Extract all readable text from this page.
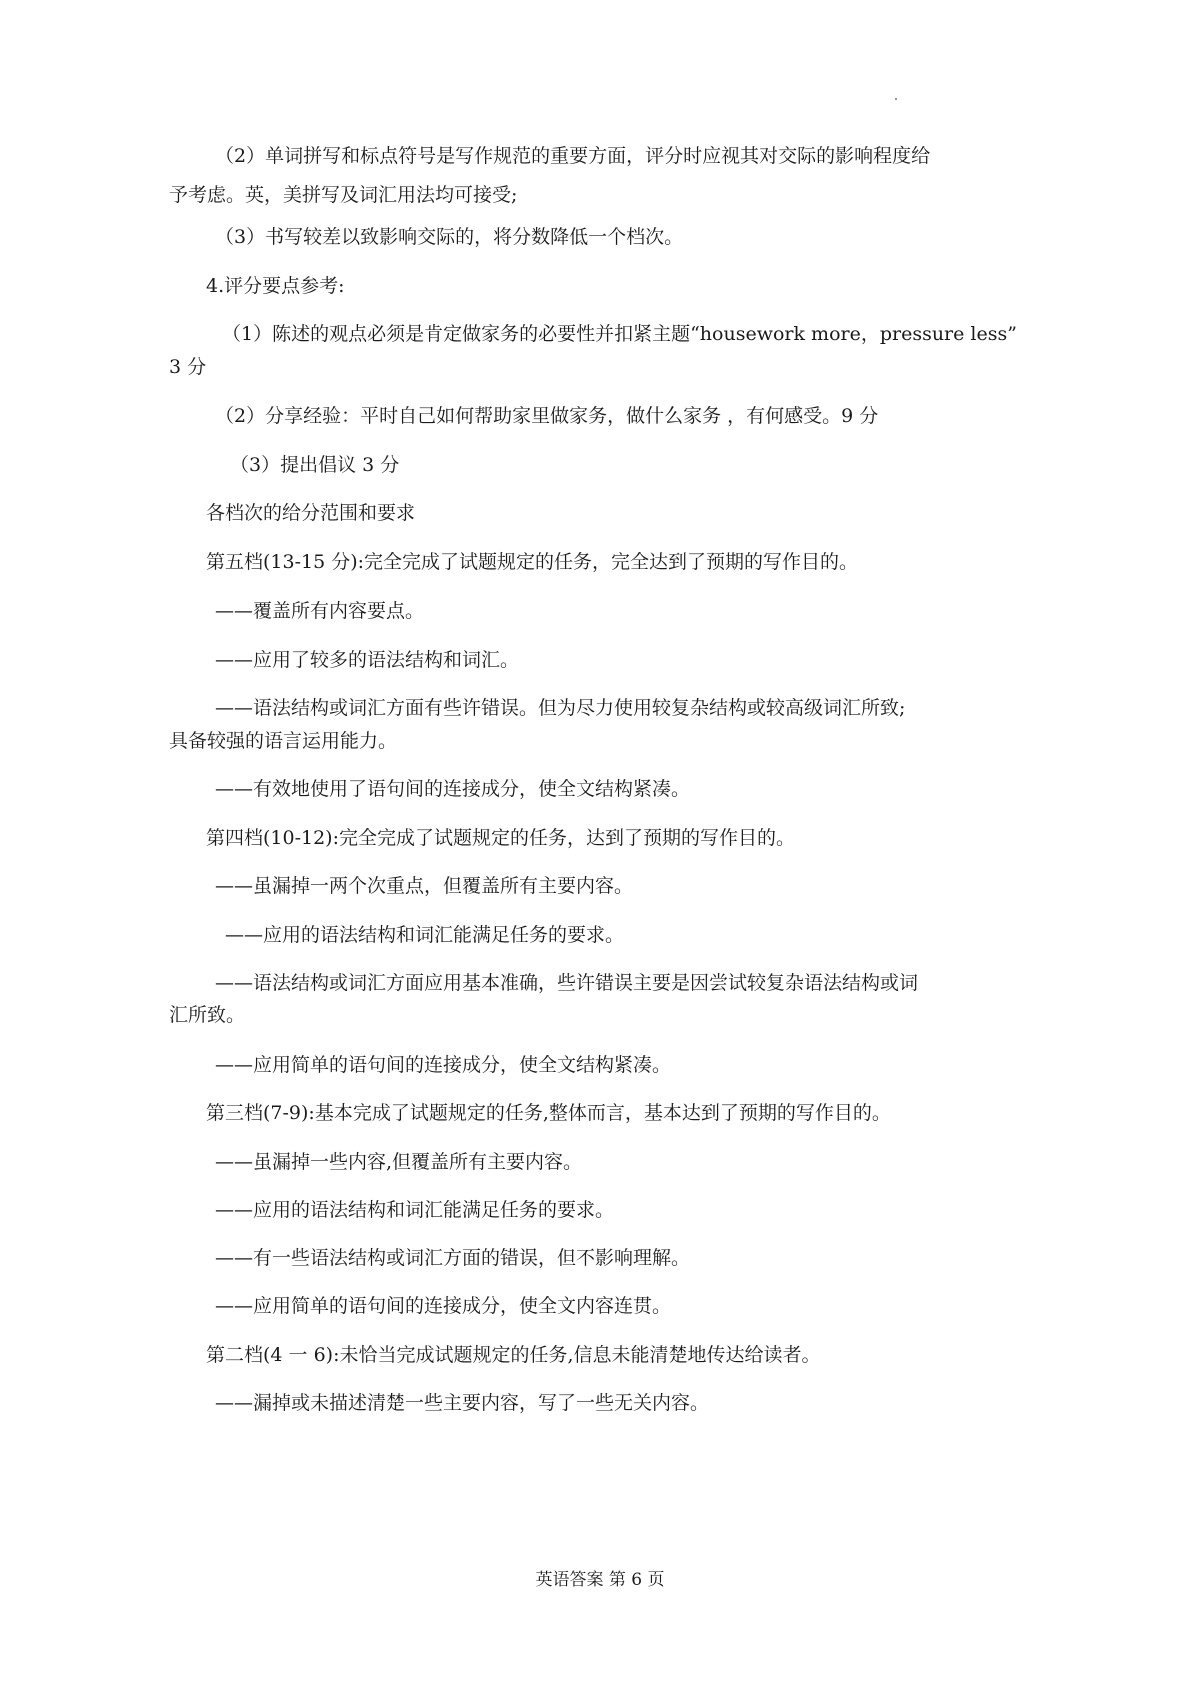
（2）单词拼写和标点符号是写作规范的重要方面，评分时应视其对交际的影响程度给
予考虑。英，美拼写及词汇用法均可接受;
（3）书写较差以致影响交际的，将分数降低一个档次。
4.评分要点参考:
（1）陈述的观点必须是肯定做家务的必要性并扣紧主题“housework more，pressure less”
3 分
（2）分享经验：平时自己如何帮助家里做家务，做什么家务 ，有何感受。9 分
（3）提出倡议 3 分
各档次的给分范围和要求
第五档(13-15 分):完全完成了试题规定的任务，完全达到了预期的写作目的。
——覆盖所有内容要点。
——应用了较多的语法结构和词汇。
——语法结构或词汇方面有些许错误。但为尽力使用较复杂结构或较高级词汇所致;
具备较强的语言运用能力。
——有效地使用了语句间的连接成分，使全文结构紧凑。
第四档(10-12):完全完成了试题规定的任务，达到了预期的写作目的。
——虽漏掉一两个次重点，但覆盖所有主要内容。
——应用的语法结构和词汇能满足任务的要求。
——语法结构或词汇方面应用基本准确，些许错误主要是因尝试较复杂语法结构或词
汇所致。
——应用简单的语句间的连接成分，使全文结构紧凑。
第三档(7-9):基本完成了试题规定的任务,整体而言，基本达到了预期的写作目的。
——虽漏掉一些内容,但覆盖所有主要内容。
——应用的语法结构和词汇能满足任务的要求。
——有一些语法结构或词汇方面的错误，但不影响理解。
——应用简单的语句间的连接成分，使全文内容连贯。
第二档(4 一 6):未恰当完成试题规定的任务,信息未能清楚地传达给读者。
——漏掉或未描述清楚一些主要内容，写了一些无关内容。
英语答案 第 6 页
